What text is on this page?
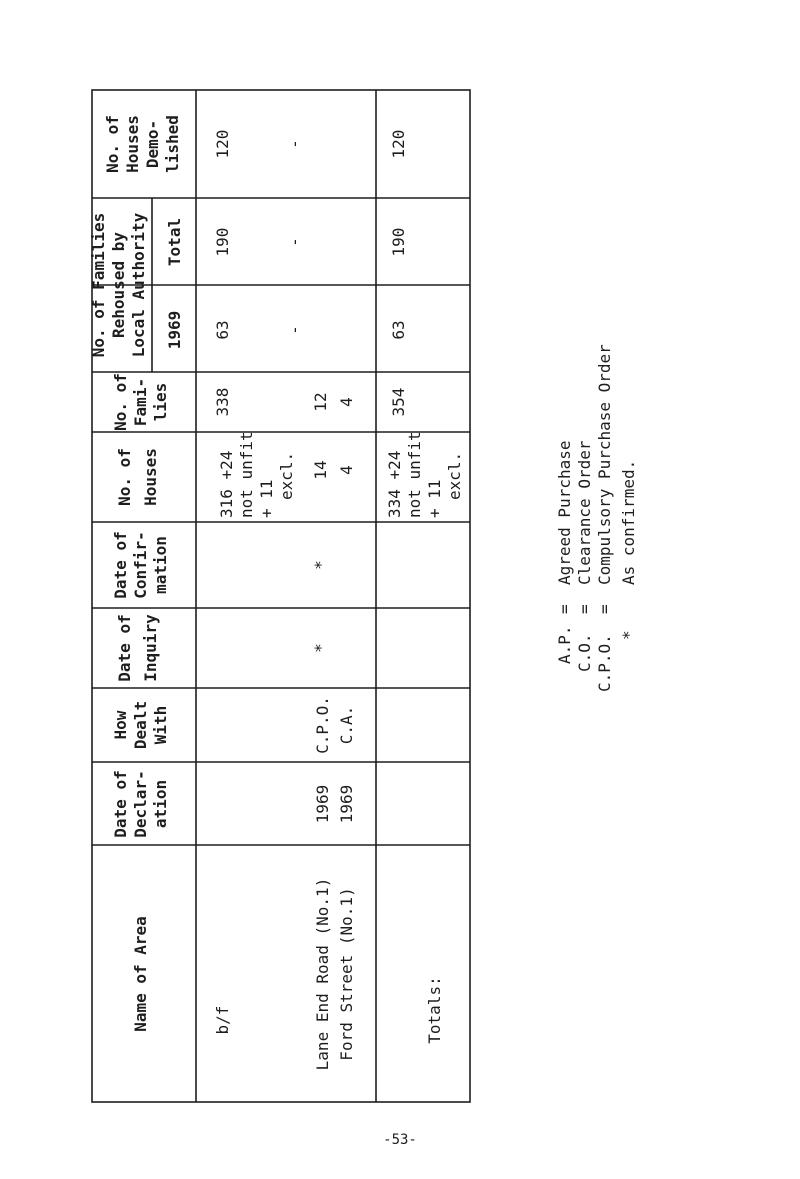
No. of Houses Demo- lished
No. of Families Rehoused by Local Authority Total
1969
No. of Fami- lies
No. of Houses
Date of Confir- mation
Date of Inquiry
How Dealt With
Date of Declar- ation
Name of Area
120
190
63
338
316 +24 not unfit + 11 excl.
b/f
-
-
-
12
14
*
*
C.P.O.
1969
Lane End Road (No.1)
4
4
C.A.
1969
Ford Street (No.1)
120
190
63
354
334 +24 not unfit + 11 excl.
Totals:
A.P.
=
Agreed Purchase
C.O.
=
Clearance Order
C.P.O.
=
Compulsory Purchase Order
*
As confirmed.
-53-
